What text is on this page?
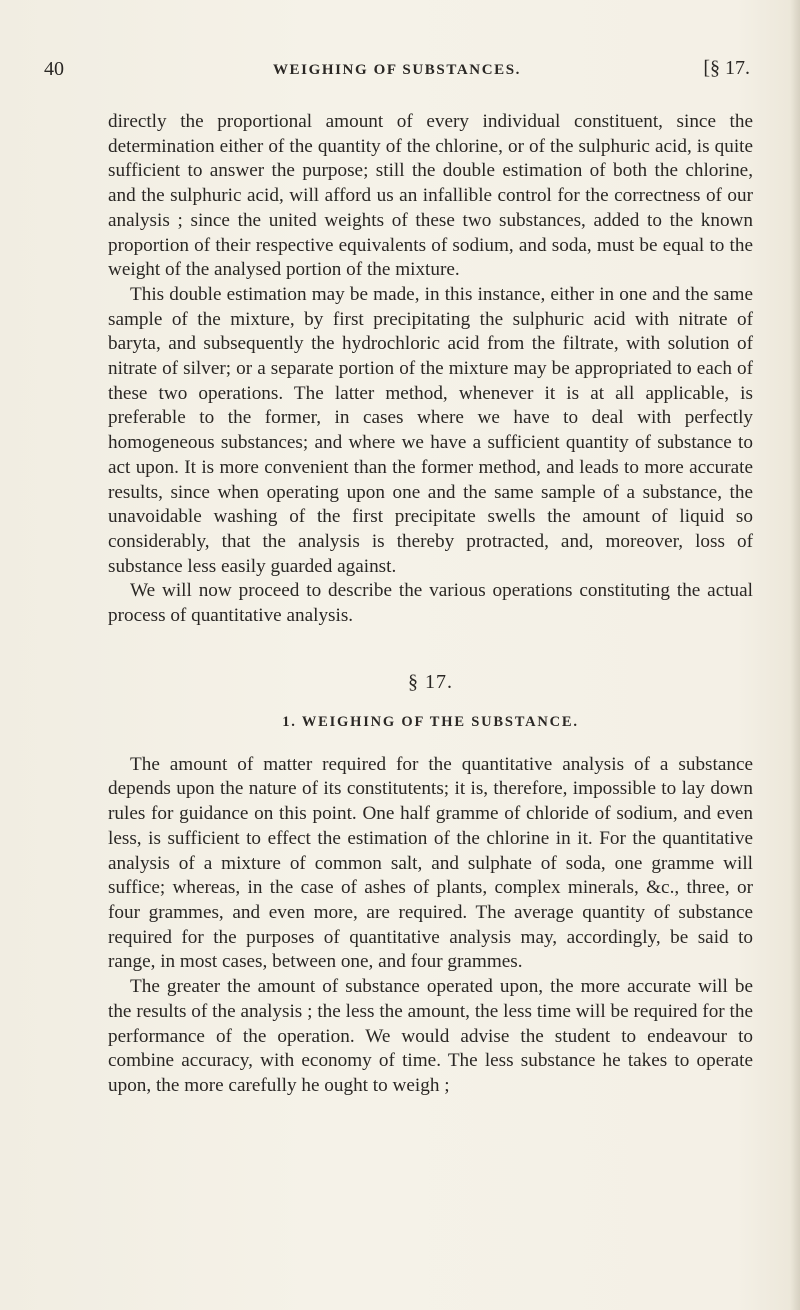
40	WEIGHING OF SUBSTANCES.	[§ 17.

directly the proportional amount of every individual constituent, since the determination either of the quantity of the chlorine, or of the sulphuric acid, is quite sufficient to answer the purpose; still the double estimation of both the chlorine, and the sulphuric acid, will afford us an infallible control for the correctness of our analysis ; since the united weights of these two substances, added to the known proportion of their respective equivalents of sodium, and soda, must be equal to the weight of the analysed portion of the mixture.

This double estimation may be made, in this instance, either in one and the same sample of the mixture, by first precipitating the sulphuric acid with nitrate of baryta, and subsequently the hydrochloric acid from the filtrate, with solution of nitrate of silver; or a separate portion of the mixture may be appropriated to each of these two operations. The latter method, whenever it is at all applicable, is preferable to the former, in cases where we have to deal with perfectly homogeneous substances; and where we have a sufficient quantity of substance to act upon. It is more convenient than the former method, and leads to more accurate results, since when operating upon one and the same sample of a substance, the unavoidable washing of the first precipitate swells the amount of liquid so considerably, that the analysis is thereby protracted, and, moreover, loss of substance less easily guarded against.

We will now proceed to describe the various operations constituting the actual process of quantitative analysis.

§ 17.
1. WEIGHING OF THE SUBSTANCE.

The amount of matter required for the quantitative analysis of a substance depends upon the nature of its constitutents; it is, therefore, impossible to lay down rules for guidance on this point. One half gramme of chloride of sodium, and even less, is sufficient to effect the estimation of the chlorine in it. For the quantitative analysis of a mixture of common salt, and sulphate of soda, one gramme will suffice; whereas, in the case of ashes of plants, complex minerals, &c., three, or four grammes, and even more, are required. The average quantity of substance required for the purposes of quantitative analysis may, accordingly, be said to range, in most cases, between one, and four grammes.

The greater the amount of substance operated upon, the more accurate will be the results of the analysis ; the less the amount, the less time will be required for the performance of the operation. We would advise the student to endeavour to combine accuracy, with economy of time. The less substance he takes to operate upon, the more carefully he ought to weigh ;
